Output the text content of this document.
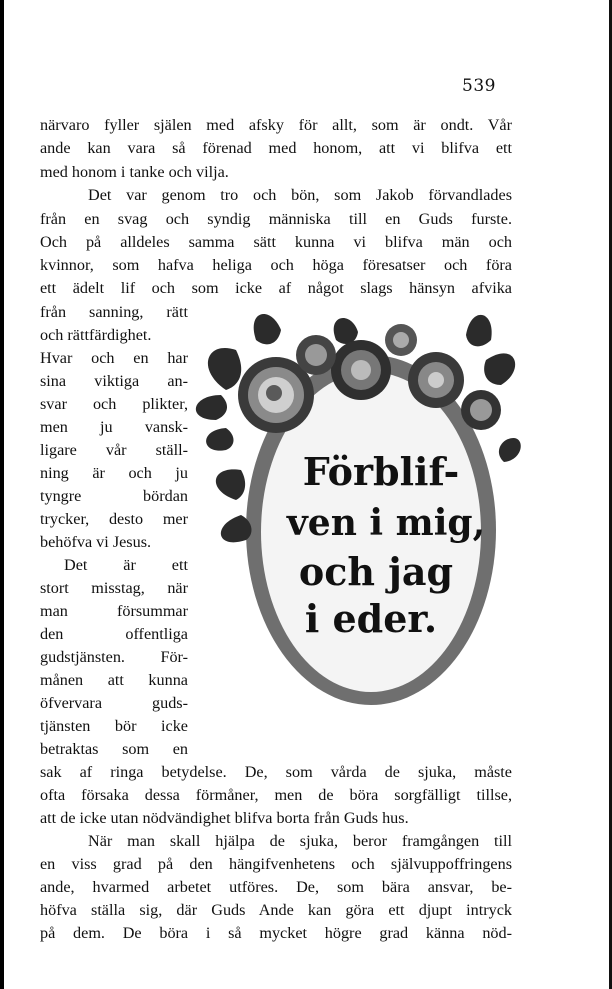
539
närvaro fyller själen med afsky för allt, som är ondt. Vår
ande kan vara så förenad med honom, att vi blifva ett
med honom i tanke och vilja.
Det var genom tro och bön, som Jakob förvandlades
från en svag och syndig människa till en Guds furste.
Och på alldeles samma sätt kunna vi blifva män och
kvinnor, som hafva heliga och höga föresatser och föra
ett ädelt lif och som icke af något slags hänsyn afvika
från sanning, rätt
och rättfärdighet.
Hvar och en har
sina viktiga an-
svar och plikter,
men ju vansk-
ligare vår ställ-
ning är och ju
tyngre bördan
trycker, desto mer
behöfva vi Jesus.
Det är ett
stort misstag, när
man försummar
den offentliga
gudstjänsten. För-
månen att kunna
öfvervara guds-
tjänsten bör icke
betraktas som en
sak af ringa betydelse. De, som vårda de sjuka, måste
ofta försaka dessa förmåner, men de böra sorgfälligt tillse,
att de icke utan nödvändighet blifva borta från Guds hus.
När man skall hjälpa de sjuka, beror framgången till
en viss grad på den hängifvenhetens och självuppoffringens
ande, hvarmed arbetet utföres. De, som bära ansvar, be-
höfva ställa sig, där Guds Ande kan göra ett djupt intryck
på dem. De böra i så mycket högre grad känna nöd-
Förblif-
ven i mig,
och jag
i eder.
